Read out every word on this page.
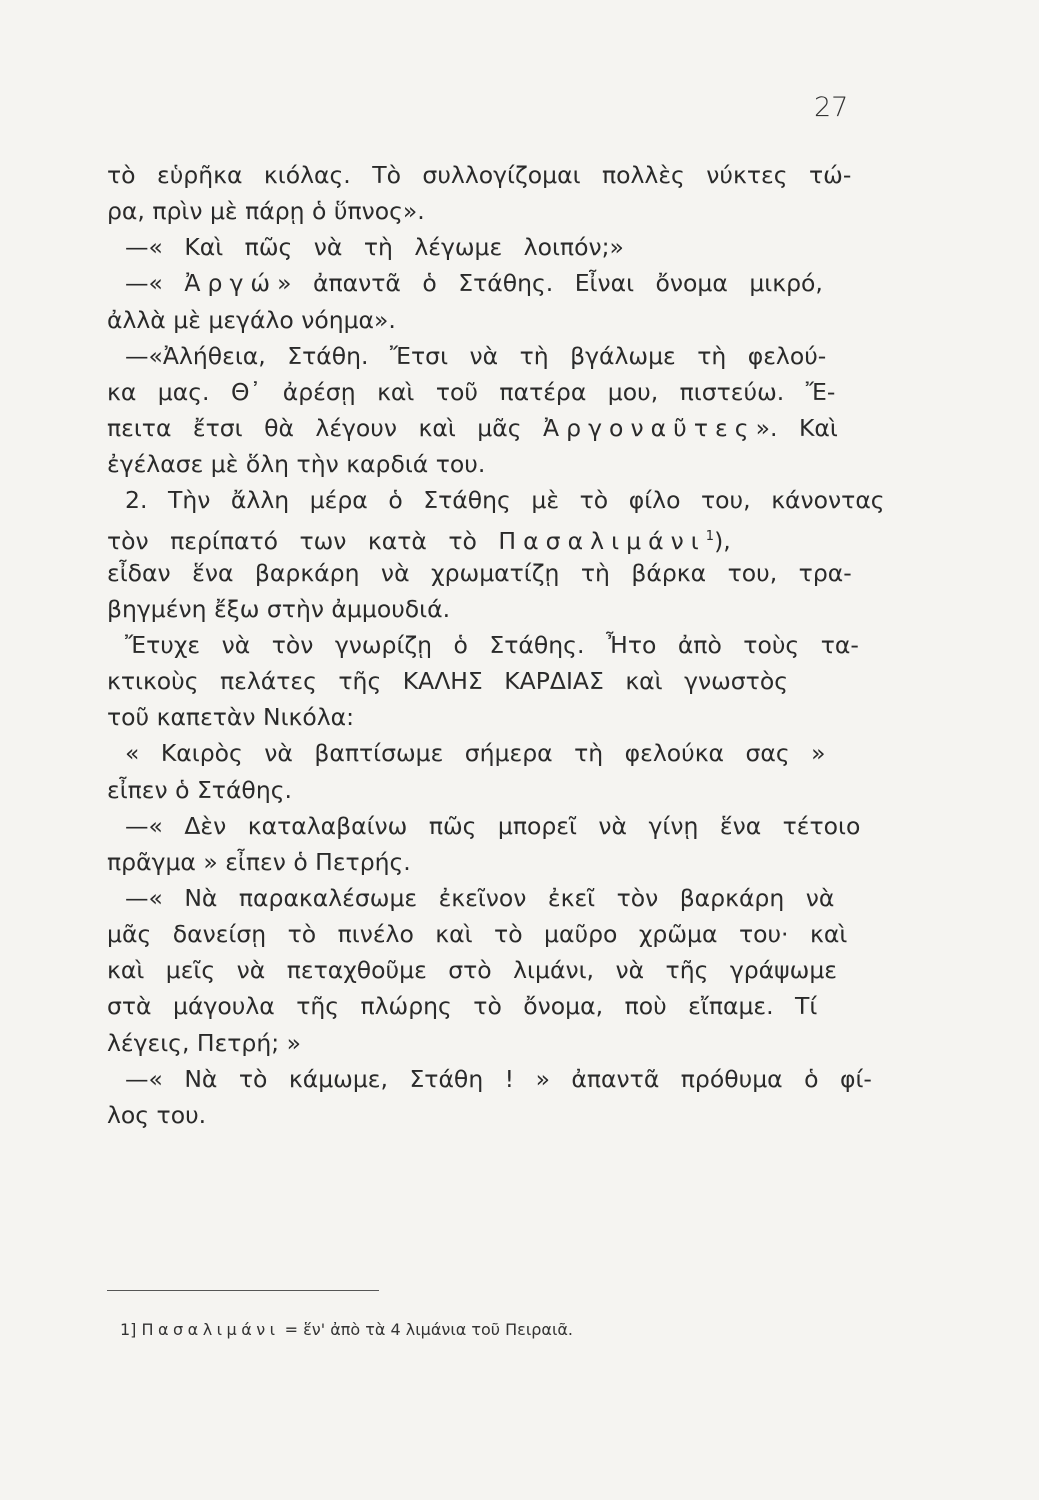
27
τὸ εὑρῆκα κιόλας. Τὸ συλλογίζομαι πολλὲς νύκτες τώ-
ρα, πρὶν μὲ πάρῃ ὁ ὕπνος».
—« Καὶ πῶς νὰ τὴ λέγωμε λοιπόν;»
—« Ἀργώ» ἀπαντᾶ ὁ Στάθης. Εἶναι ὄνομα μικρό,
ἀλλὰ μὲ μεγάλο νόημα».
—«Ἀλήθεια, Στάθη. Ἔτσι νὰ τὴ βγάλωμε τὴ φελού-
κα μας. Θ᾿ ἀρέσῃ καὶ τοῦ πατέρα μου, πιστεύω. Ἔ-
πειτα ἔτσι θὰ λέγουν καὶ μᾶς Ἀργοναῦτες». Καὶ
ἐγέλασε μὲ ὅλη τὴν καρδιά του.
2. Τὴν ἄλλη μέρα ὁ Στάθης μὲ τὸ φίλο του, κάνοντας
τὸν περίπατό των κατὰ τὸ Πασαλιμάνι$^1$),
εἶδαν ἕνα βαρκάρη νὰ χρωματίζῃ τὴ βάρκα του, τρα-
βηγμένη ἔξω στὴν ἀμμουδιά.
Ἔτυχε νὰ τὸν γνωρίζῃ ὁ Στάθης. Ἦτο ἀπὸ τοὺς τα-
κτικοὺς πελάτες τῆς ΚΑΛΗΣ ΚΑΡΔΙΑΣ καὶ γνωστὸς
τοῦ καπετὰν Νικόλα:
« Καιρὸς νὰ βαπτίσωμε σήμερα τὴ φελούκα σας »
εἶπεν ὁ Στάθης.
—« Δὲν καταλαβαίνω πῶς μπορεῖ νὰ γίνῃ ἕνα τέτοιο
πρᾶγμα » εἶπεν ὁ Πετρής.
—« Νὰ παρακαλέσωμε ἐκεῖνον ἐκεῖ τὸν βαρκάρη νὰ
μᾶς δανείσῃ τὸ πινέλο καὶ τὸ μαῦρο χρῶμα του· καὶ
καὶ μεῖς νὰ πεταχθοῦμε στὸ λιμάνι, νὰ τῆς γράψωμε
στὰ μάγουλα τῆς πλώρης τὸ ὄνομα, ποὺ εἴπαμε. Τί
λέγεις, Πετρή; »
—« Νὰ τὸ κάμωμε, Στάθη ! » ἀπαντᾶ πρόθυμα ὁ φί-
λος του.
1] Πασαλιμάνι = ἕν' ἀπὸ τὰ 4 λιμάνια τοῦ Πειραιᾶ.
